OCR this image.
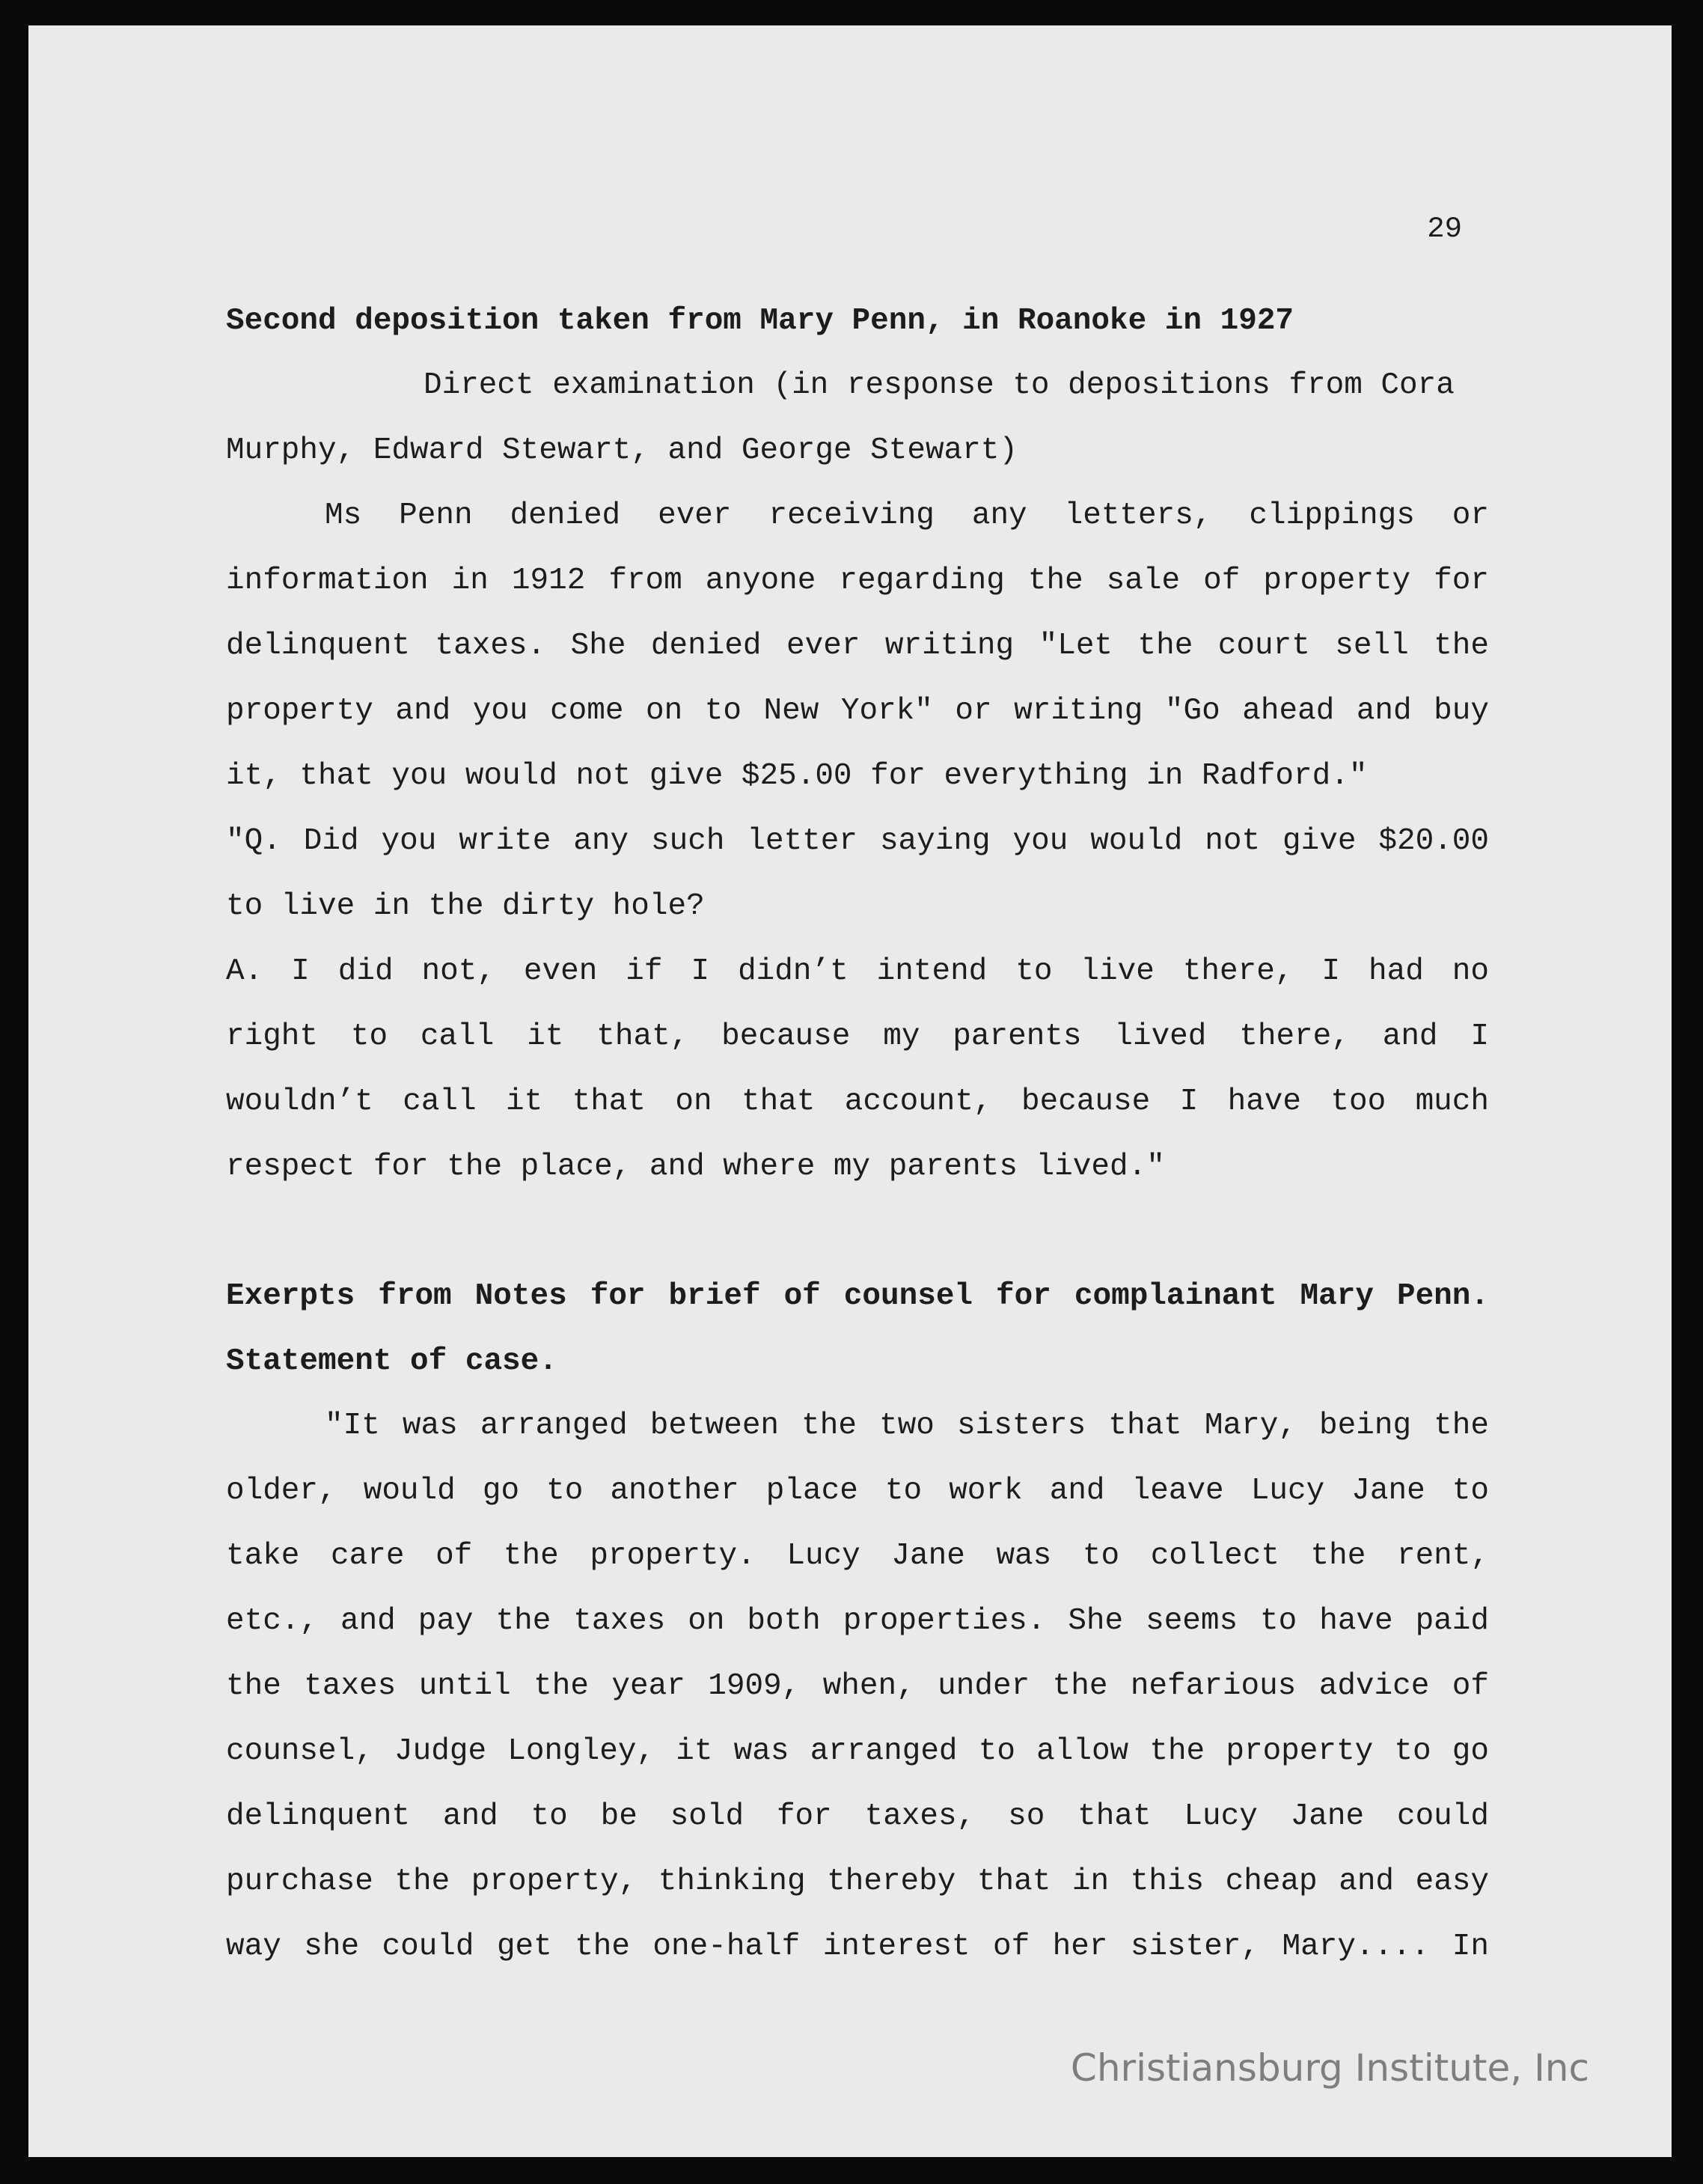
29
Second deposition taken from Mary Penn, in Roanoke in 1927
Direct examination (in response to depositions from Cora
Murphy, Edward Stewart, and George Stewart)
Ms Penn denied ever receiving any letters, clippings or
information in 1912 from anyone regarding the sale of property for
delinquent taxes. She denied ever writing "Let the court sell the
property and you come on to New York" or writing "Go ahead and buy
it, that you would not give $25.00 for everything in Radford."
"Q. Did you write any such letter saying you would not give $20.00
to live in the dirty hole?
A. I did not, even if I didn’t intend to live there, I had no
right to call it that, because my parents lived there, and I
wouldn’t call it that on that account, because I have too much
respect for the place, and where my parents lived."
Exerpts from Notes for brief of counsel for complainant Mary Penn.
Statement of case.
"It was arranged between the two sisters that Mary, being the
older, would go to another place to work and leave Lucy Jane to
take care of the property. Lucy Jane was to collect the rent,
etc., and pay the taxes on both properties. She seems to have paid
the taxes until the year 1909, when, under the nefarious advice of
counsel, Judge Longley, it was arranged to allow the property to go
delinquent and to be sold for taxes, so that Lucy Jane could
purchase the property, thinking thereby that in this cheap and easy
way she could get the one-half interest of her sister, Mary.... In
Christiansburg Institute, Inc
